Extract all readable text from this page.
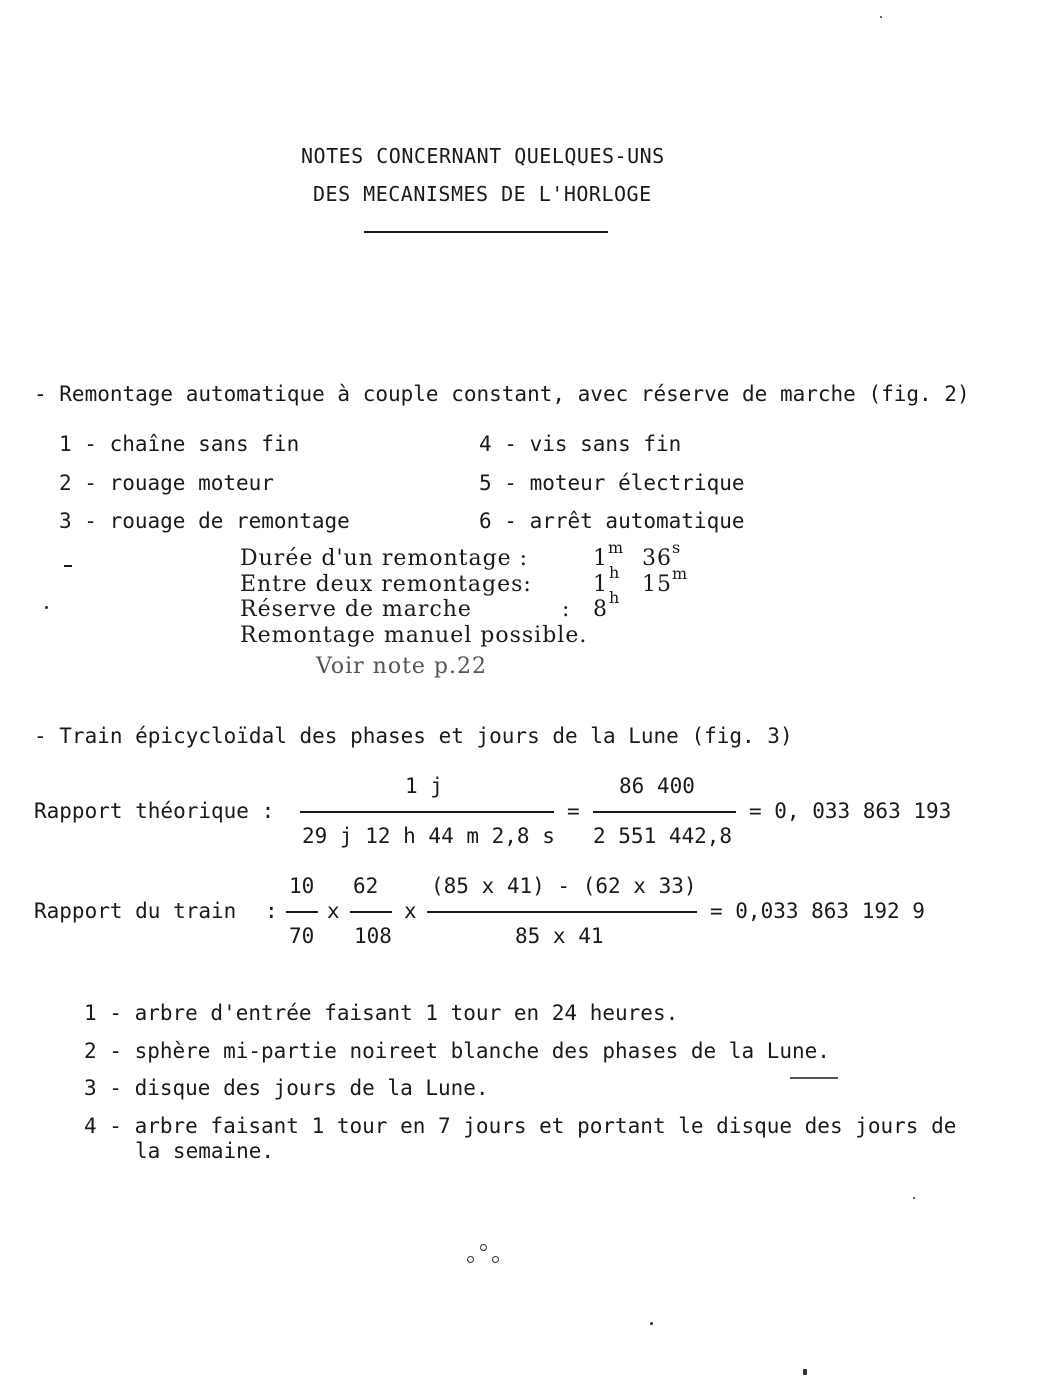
NOTES CONCERNANT QUELQUES-UNS
DES MECANISMES DE L'HORLOGE
- Remontage automatique à couple constant, avec réserve de marche (fig. 2)
1 - chaîne sans fin
2 - rouage moteur
3 - rouage de remontage
4 - vis sans fin
5 - moteur électrique
6 - arrêt automatique
Durée d'un remontage :	1 m 36 s
Entre deux remontages:	1 h 15 m
Réserve de marche	: 8 h
Remontage manuel possible.
Voir note p.22
- Train épicycloïdal des phases et jours de la Lune (fig. 3)
Rapport théorique :
1 j
29 j 12 h 44 m 2,8 s
=
86 400
2 551 442,8
= 0, 033 863 193
Rapport du train :
10
70
x
62
108
x
(85 x 41) - (62 x 33)
85 x 41
= 0,033 863 192 9
1 - arbre d'entrée faisant 1 tour en 24 heures.
2 - sphère mi-partie noireet blanche des phases de la Lune.
3 - disque des jours de la Lune.
4 - arbre faisant 1 tour en 7 jours et portant le disque des jours de
la semaine.
